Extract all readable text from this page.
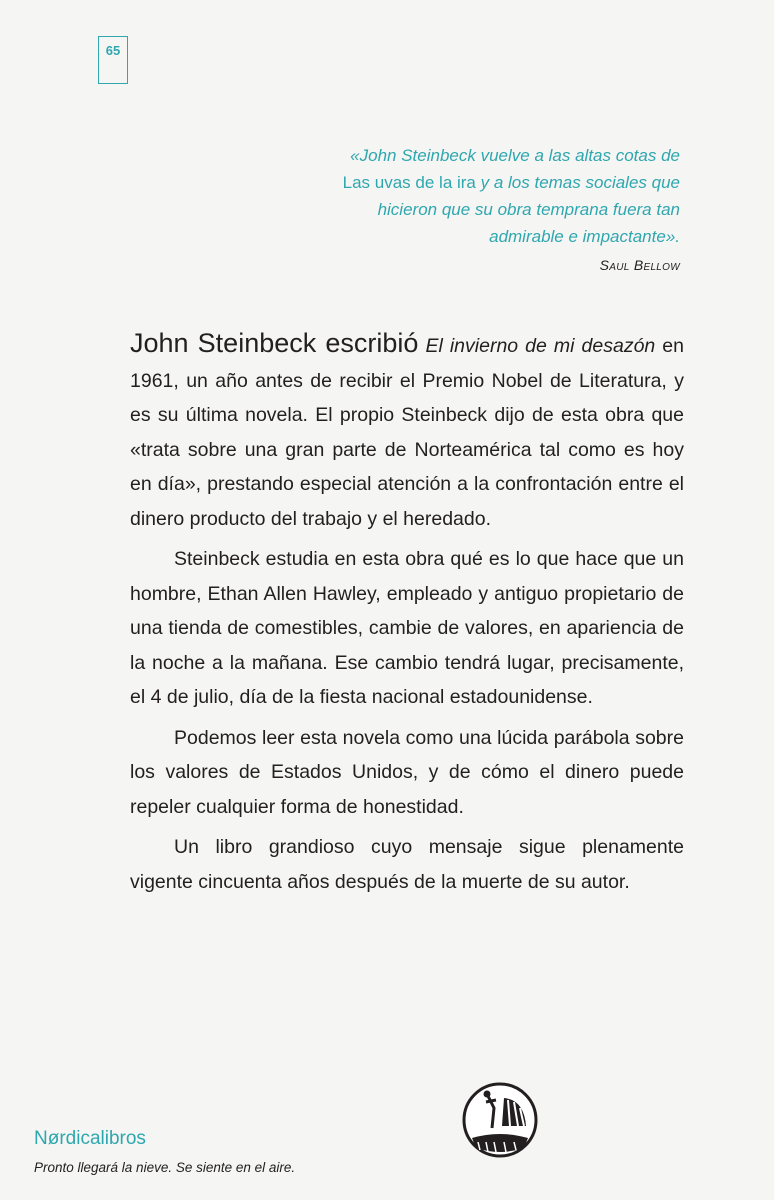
65
«John Steinbeck vuelve a las altas cotas de
Las uvas de la ira y a los temas sociales que
hicieron que su obra temprana fuera tan
admirable e impactante».
Saul Bellow

John Steinbeck escribió El invierno de mi desazón en 1961, un año antes de recibir el Premio Nobel de Literatura, y es su última novela. El propio Steinbeck dijo de esta obra que «trata sobre una gran parte de Norteamérica tal como es hoy en día», prestando especial atención a la confrontación entre el dinero producto del trabajo y el heredado.

Steinbeck estudia en esta obra qué es lo que hace que un hombre, Ethan Allen Hawley, empleado y antiguo propietario de una tienda de comestibles, cambie de valores, en apariencia de la noche a la mañana. Ese cambio tendrá lugar, precisamente, el 4 de julio, día de la fiesta nacional estadounidense.

Podemos leer esta novela como una lúcida parábola sobre los valores de Estados Unidos, y de cómo el dinero puede repeler cualquier forma de honestidad.

Un libro grandioso cuyo mensaje sigue plenamente vigente cincuenta años después de la muerte de su autor.

Nørdicalibros
Pronto llegará la nieve. Se siente en el aire.
